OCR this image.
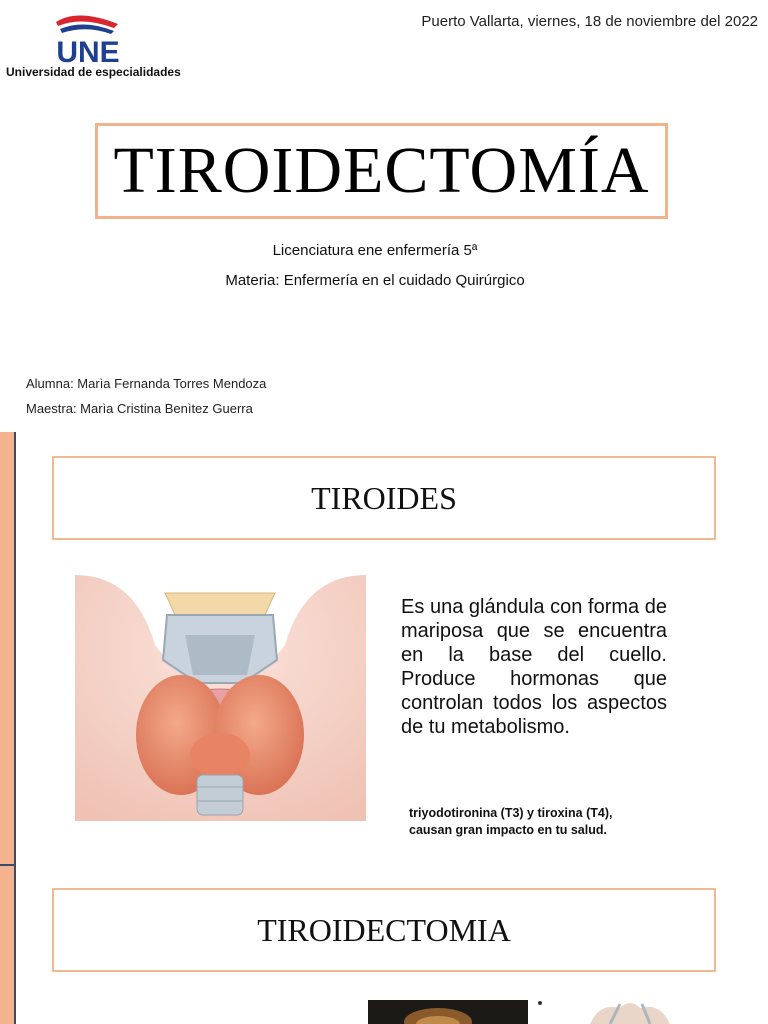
UNE
Universidad de especialidades
Puerto Vallarta, viernes, 18 de noviembre del 2022
TIROIDECTOMÍA
Licenciatura ene enfermería 5ª
Materia: Enfermería en el cuidado Quirúrgico
Alumna: Marìa Fernanda Torres Mendoza
Maestra: Marìa Cristina Benìtez Guerra
TIROIDES
Es una glándula con forma de mariposa que se encuentra en la base del cuello. Produce hormonas que controlan todos los aspectos de tu metabolismo.
triyodotironina (T3) y tiroxina (T4),
causan gran impacto en tu salud.
TIROIDECTOMIA
